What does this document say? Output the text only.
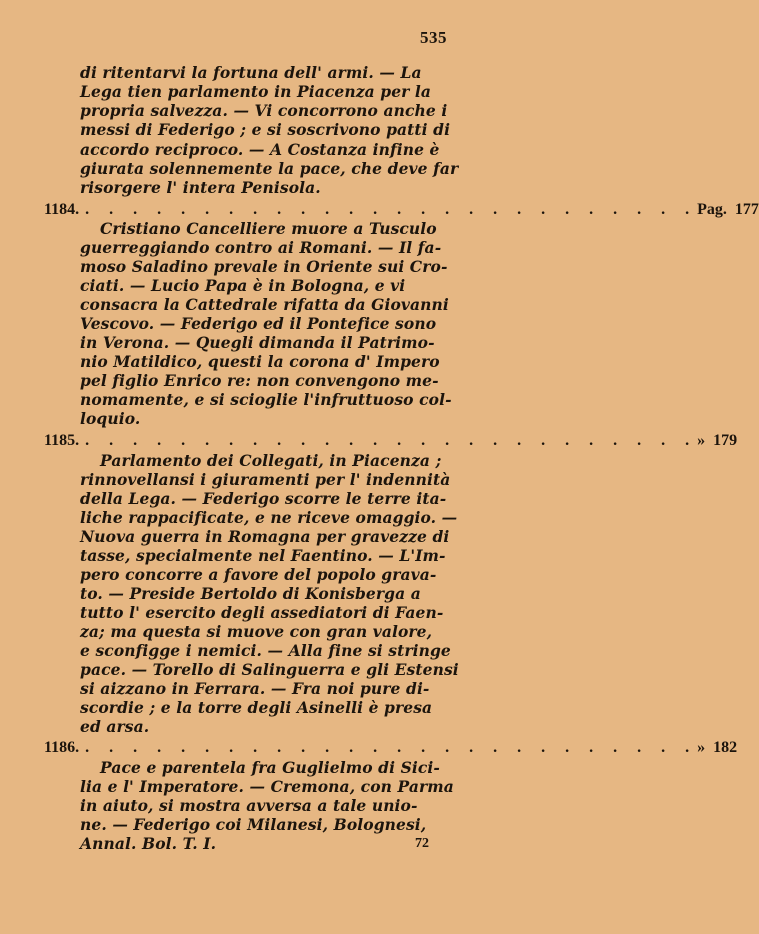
535
di ritentarvi la fortuna dell' armi. — La
Lega tien parlamento in Piacenza per la
propria salvezza. — Vi concorrono anche i
messi di Federigo ; e si soscrivono patti di
accordo reciproco. — A Costanza infine è
giurata solennemente la pace, che deve far
risorgere l' intera Penisola.
1184. . . . . . . . . . . . . . . . . . . . . . . . . . . Pag. 177
Cristiano Cancelliere muore a Tusculo
guerreggiando contro ai Romani. — Il fa-
moso Saladino prevale in Oriente sui Cro-
ciati. — Lucio Papa è in Bologna, e vi
consacra la Cattedrale rifatta da Giovanni
Vescovo. — Federigo ed il Pontefice sono
in Verona. — Quegli dimanda il Patrimo-
nio Matildico, questi la corona d' Impero
pel figlio Enrico re: non convengono me-
nomamente, e si scioglie l'infruttuoso col-
loquio.
1185. . . . . . . . . . . . . . . . . . . . . . . . . . . » 179
Parlamento dei Collegati, in Piacenza ;
rinnovellansi i giuramenti per l' indennità
della Lega. — Federigo scorre le terre ita-
liche rappacificate, e ne riceve omaggio. —
Nuova guerra in Romagna per gravezze di
tasse, specialmente nel Faentino. — L'Im-
pero concorre a favore del popolo grava-
to. — Preside Bertoldo di Konisberga a
tutto l' esercito degli assediatori di Faen-
za; ma questa si muove con gran valore,
e sconfigge i nemici. — Alla fine si stringe
pace. — Torello di Salinguerra e gli Estensi
si aizzano in Ferrara. — Fra noi pure di-
scordie ; e la torre degli Asinelli è presa
ed arsa.
1186. . . . . . . . . . . . . . . . . . . . . . . . . . . » 182
Pace e parentela fra Guglielmo di Sici-
lia e l' Imperatore. — Cremona, con Parma
in aiuto, si mostra avversa a tale unio-
ne. — Federigo coi Milanesi, Bolognesi,
Annal. Bol. T. I.	72
